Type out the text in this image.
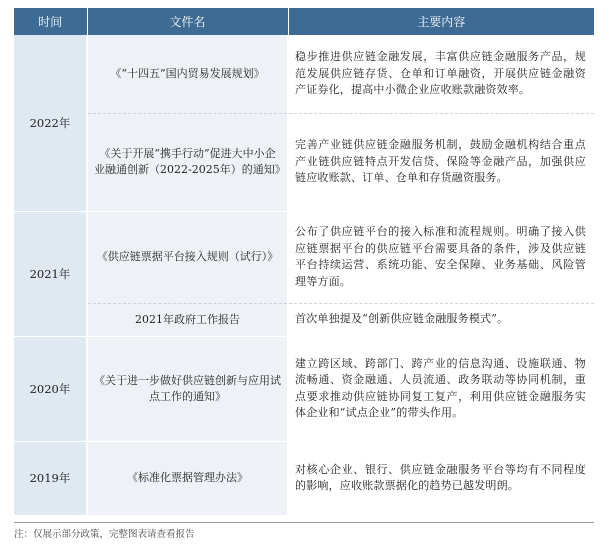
时间	文件名	主要内容
2022年	《“十四五”国内贸易发展规划》	稳步推进供应链金融发展，丰富供应链金融服务产品，规范发展供应链存货、仓单和订单融资，开展供应链金融资产证券化，提高中小微企业应收账款融资效率。
	《关于开展“携手行动”促进大中小企业融通创新（2022-2025年）的通知》	完善产业链供应链金融服务机制，鼓励金融机构结合重点产业链供应链特点开发信贷、保险等金融产品，加强供应链应收账款、订单、仓单和存货融资服务。
2021年	《供应链票据平台接入规则（试行）》	公布了供应链平台的接入标准和流程规则。明确了接入供应链票据平台的供应链平台需要具备的条件，涉及供应链平台持续运营、系统功能、安全保障、业务基础、风险管理等方面。
	2021年政府工作报告	首次单独提及“创新供应链金融服务模式”。
2020年	《关于进一步做好供应链创新与应用试点工作的通知》	建立跨区域、跨部门、跨产业的信息沟通、设施联通、物流畅通、资金融通、人员流通、政务联动等协同机制，重点要求推动供应链协同复工复产，利用供应链金融服务实体企业和“试点企业”的带头作用。
2019年	《标准化票据管理办法》	对核心企业、银行、供应链金融服务平台等均有不同程度的影响，应收账款票据化的趋势已越发明朗。
注：仅展示部分政策，完整图表请查看报告
